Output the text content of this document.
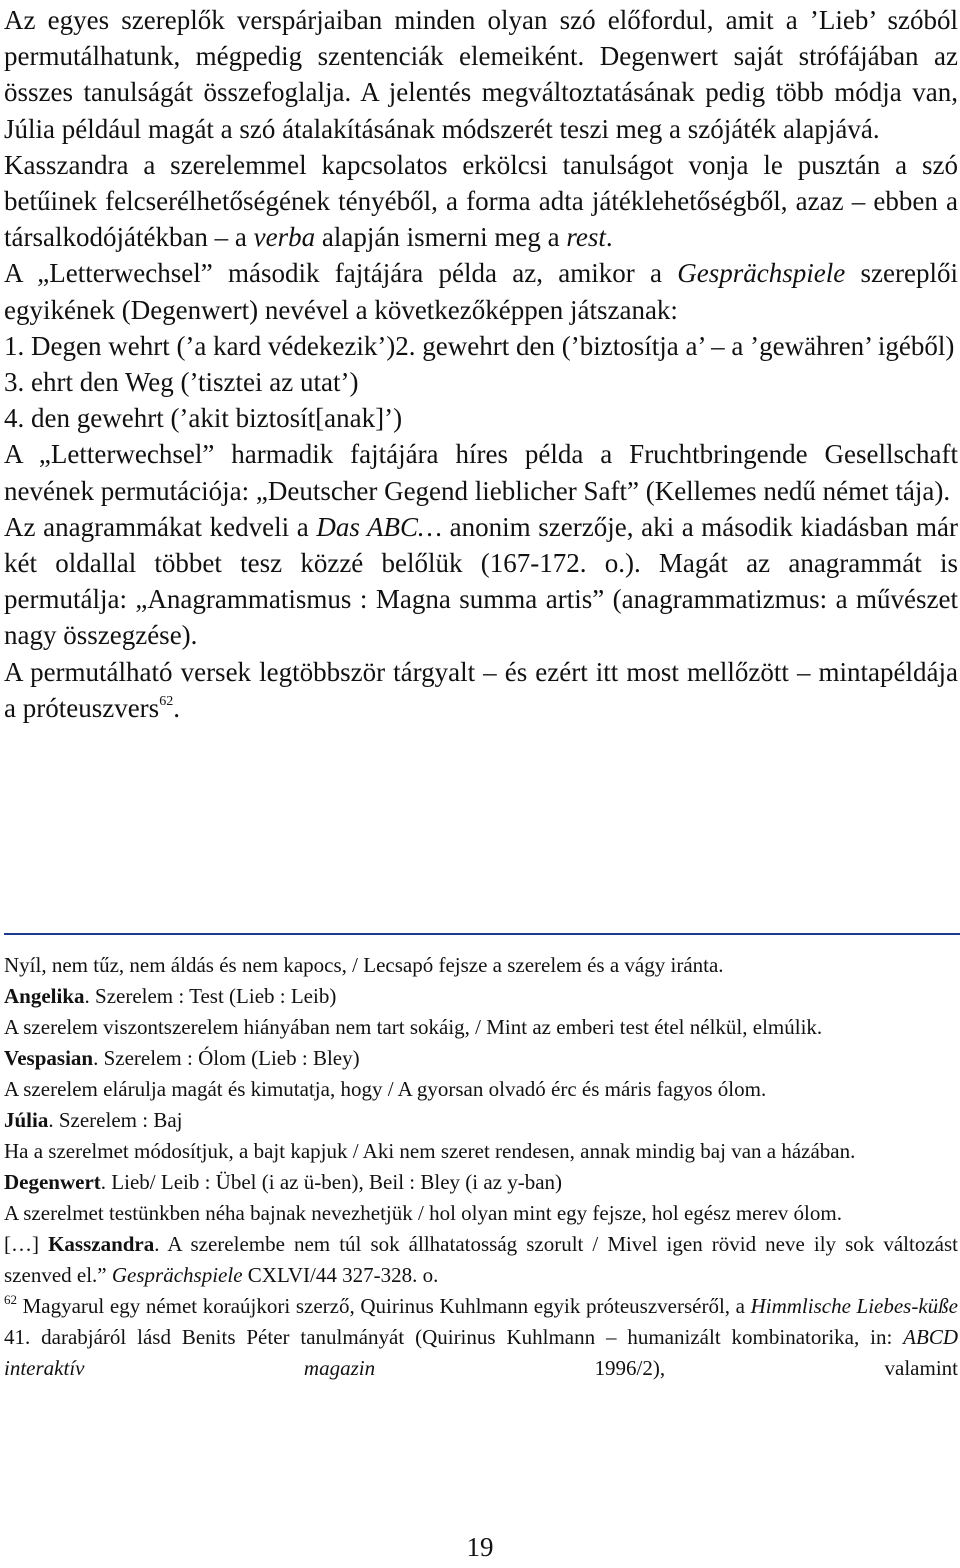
Az egyes szereplők verspárjaiban minden olyan szó előfordul, amit a ’Lieb’ szóból permutálhatunk, mégpedig szentenciák elemeiként. Degenwert saját strófájában az összes tanulságát összefoglalja. A jelentés megváltoztatásának pedig több módja van, Júlia például magát a szó átalakításának módszerét teszi meg a szójáték alapjává.

Kasszandra a szerelemmel kapcsolatos erkölcsi tanulságot vonja le pusztán a szó betűinek felcserélhetőségének tényéből, a forma adta játéklehetőségből, azaz – ebben a társalkodójátékban – a verba alapján ismerni meg a rest.

A „Letterwechsel” második fajtájára példa az, amikor a Gesprächspiele szereplői egyikének (Degenwert) nevével a következőképpen játszanak:

1. Degen wehrt (’a kard védekezik’)2. gewehrt den (’biztosítja a’ – a ’gewähren’ igéből)

3. ehrt den Weg (’tisztei az utat’)

4. den gewehrt (’akit biztosít[anak]’)

A „Letterwechsel” harmadik fajtájára híres példa a Fruchtbringende Gesellschaft nevének permutációja: „Deutscher Gegend lieblicher Saft” (Kellemes nedű német tája).

Az anagrammákat kedveli a Das ABC… anonim szerzője, aki a második kiadásban már két oldallal többet tesz közzé belőlük (167-172. o.). Magát az anagrammát is permutálja: „Anagrammatismus : Magna summa artis” (anagrammatizmus: a művészet nagy összegzése).

A permutálható versek legtöbbször tárgyalt – és ezért itt most mellőzött – mintapéldája a próteuszvers$^{62}$.

Nyíl, nem tűz, nem áldás és nem kapocs, / Lecsapó fejsze a szerelem és a vágy iránta.

Angelika. Szerelem : Test (Lieb : Leib)

A szerelem viszontszerelem hiányában nem tart sokáig, / Mint az emberi test étel nélkül, elmúlik.

Vespasian. Szerelem : Ólom (Lieb : Bley)

A szerelem elárulja magát és kimutatja, hogy / A gyorsan olvadó érc és máris fagyos ólom.

Júlia. Szerelem : Baj

Ha a szerelmet módosítjuk, a bajt kapjuk / Aki nem szeret rendesen, annak mindig baj van a házában.

Degenwert. Lieb/ Leib : Übel (i az ü-ben), Beil : Bley (i az y-ban)

A szerelmet testünkben néha bajnak nevezhetjük / hol olyan mint egy fejsze, hol egész merev ólom.

[…] Kasszandra. A szerelembe nem túl sok állhatatosság szorult / Mivel igen rövid neve ily sok változást szenved el.” Gesprächspiele CXLVI/44 327-328. o.

$^{62}$ Magyarul egy német koraújkori szerző, Quirinus Kuhlmann egyik próteuszverséről, a Himmlische Liebes-küße 41. darabjáról lásd Benits Péter tanulmányát (Quirinus Kuhlmann – humanizált kombinatorika, in: ABCD interaktív magazin 1996/2), valamint

19
